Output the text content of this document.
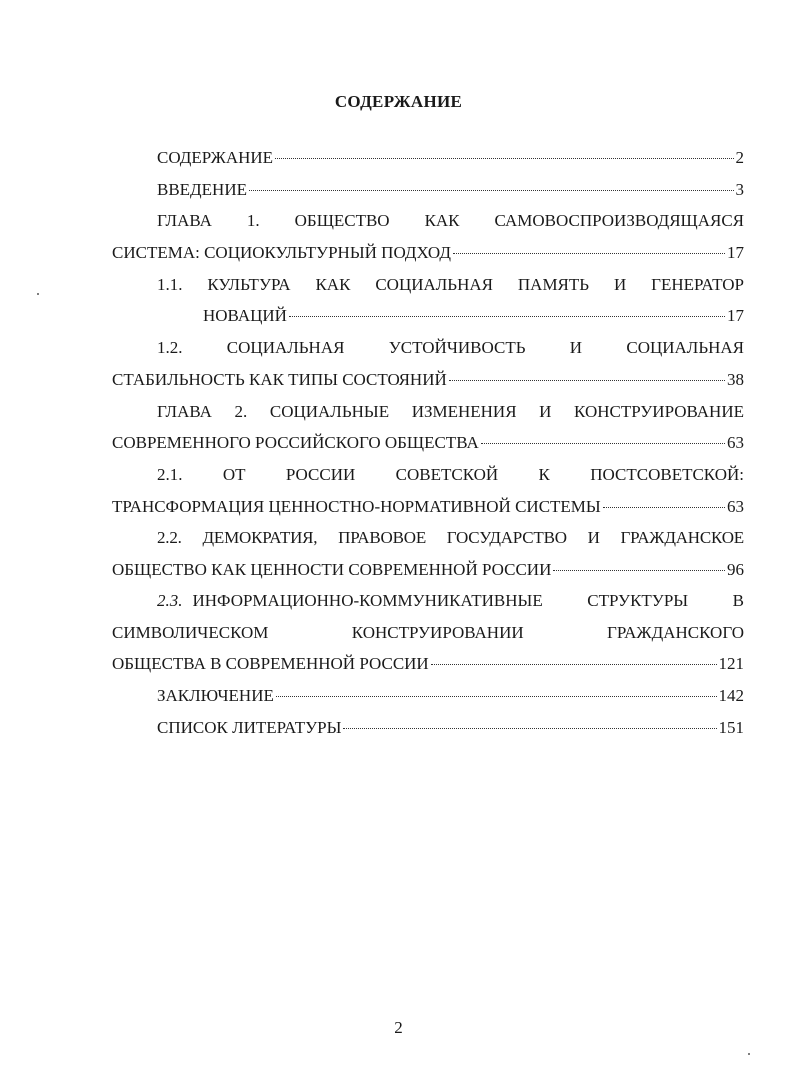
СОДЕРЖАНИЕ
СОДЕРЖАНИЕ	2
ВВЕДЕНИЕ	3
ГЛАВА 1. ОБЩЕСТВО КАК САМОВОСПРОИЗВОДЯЩАЯСЯ
СИСТЕМА: СОЦИОКУЛЬТУРНЫЙ ПОДХОД	17
1.1. КУЛЬТУРА КАК СОЦИАЛЬНАЯ ПАМЯТЬ И ГЕНЕРАТОР
НОВАЦИЙ	17
1.2. СОЦИАЛЬНАЯ УСТОЙЧИВОСТЬ И СОЦИАЛЬНАЯ
СТАБИЛЬНОСТЬ КАК ТИПЫ СОСТОЯНИЙ	38
ГЛАВА 2. СОЦИАЛЬНЫЕ ИЗМЕНЕНИЯ И КОНСТРУИРОВАНИЕ
СОВРЕМЕННОГО РОССИЙСКОГО ОБЩЕСТВА	63
2.1. ОТ РОССИИ СОВЕТСКОЙ К ПОСТСОВЕТСКОЙ:
ТРАНСФОРМАЦИЯ ЦЕННОСТНО-НОРМАТИВНОЙ СИСТЕМЫ	63
2.2. ДЕМОКРАТИЯ, ПРАВОВОЕ ГОСУДАРСТВО И ГРАЖДАНСКОЕ
ОБЩЕСТВО КАК ЦЕННОСТИ СОВРЕМЕННОЙ РОССИИ	96
2.3. ИНФОРМАЦИОННО-КОММУНИКАТИВНЫЕ СТРУКТУРЫ В
СИМВОЛИЧЕСКОМ КОНСТРУИРОВАНИИ ГРАЖДАНСКОГО
ОБЩЕСТВА В СОВРЕМЕННОЙ РОССИИ	121
ЗАКЛЮЧЕНИЕ	142
СПИСОК ЛИТЕРАТУРЫ	151
2
